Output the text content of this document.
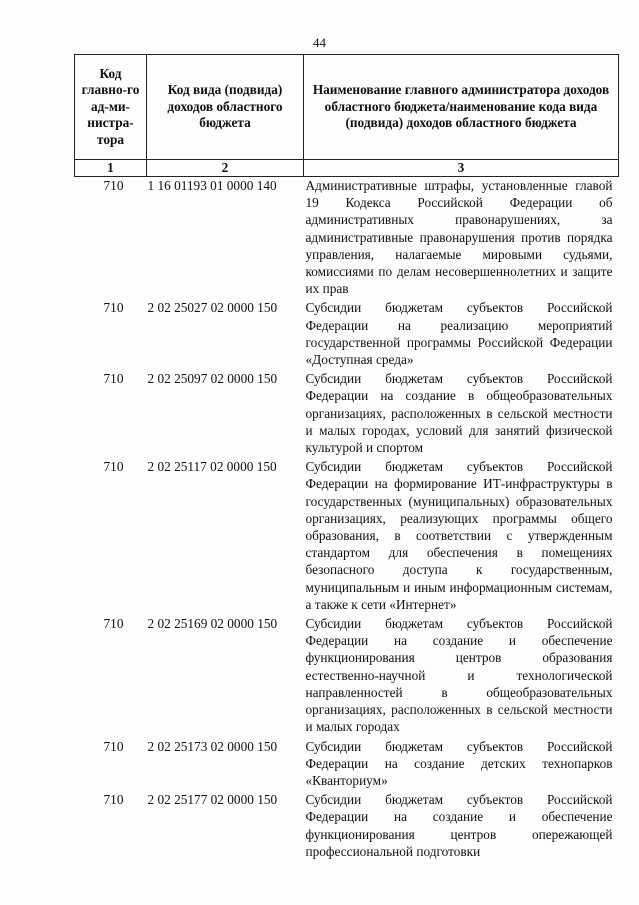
44
Код главно-го ад-ми-нистра-тора	Код вида (подвида) доходов областного бюджета	Наименование главного администратора доходов областного бюджета/наименование кода вида (подвида) доходов областного бюджета
1	2	3
710	1 16 01193 01 0000 140	Административные штрафы, установленные главой 19 Кодекса Российской Федерации об административных правонарушениях, за административные правонарушения против порядка управления, налагаемые мировыми судьями, комиссиями по делам несовершеннолетних и защите их прав
710	2 02 25027 02 0000 150	Субсидии бюджетам субъектов Российской Федерации на реализацию мероприятий государственной программы Российской Федерации «Доступная среда»
710	2 02 25097 02 0000 150	Субсидии бюджетам субъектов Российской Федерации на создание в общеобразовательных организациях, расположенных в сельской местности и малых городах, условий для занятий физической культурой и спортом
710	2 02 25117 02 0000 150	Субсидии бюджетам субъектов Российской Федерации на формирование ИТ-инфраструктуры в государственных (муниципальных) образовательных организациях, реализующих программы общего образования, в соответствии с утвержденным стандартом для обеспечения в помещениях безопасного доступа к государственным, муниципальным и иным информационным системам, а также к сети «Интернет»
710	2 02 25169 02 0000 150	Субсидии бюджетам субъектов Российской Федерации на создание и обеспечение функционирования центров образования естественно-научной и технологической направленностей в общеобразовательных организациях, расположенных в сельской местности и малых городах
710	2 02 25173 02 0000 150	Субсидии бюджетам субъектов Российской Федерации на создание детских технопарков «Кванториум»
710	2 02 25177 02 0000 150	Субсидии бюджетам субъектов Российской Федерации на создание и обеспечение функционирования центров опережающей профессиональной подготовки
